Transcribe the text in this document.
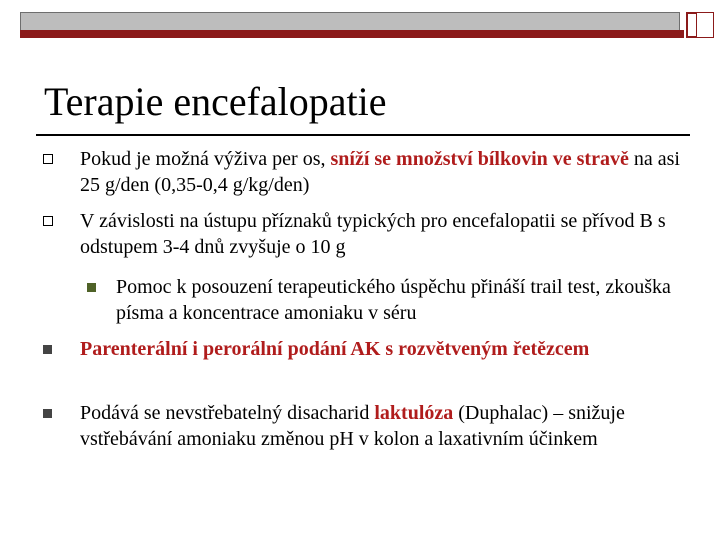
Terapie encefalopatie
Pokud je možná výživa per os, sníží se množství bílkovin ve stravě na asi 25 g/den (0,35-0,4 g/kg/den)
V závislosti na ústupu příznaků typických pro encefalopatii se přívod B s odstupem 3-4 dnů zvyšuje o 10 g
Pomoc k posouzení terapeutického úspěchu přináší trail test, zkouška písma a koncentrace amoniaku v séru
Parenterální i perorální podání AK s rozvětveným řetězcem
Podává se nevstřebatelný disacharid laktulóza (Duphalac) – snižuje vstřebávání amoniaku změnou pH v kolon a laxativním účinkem
